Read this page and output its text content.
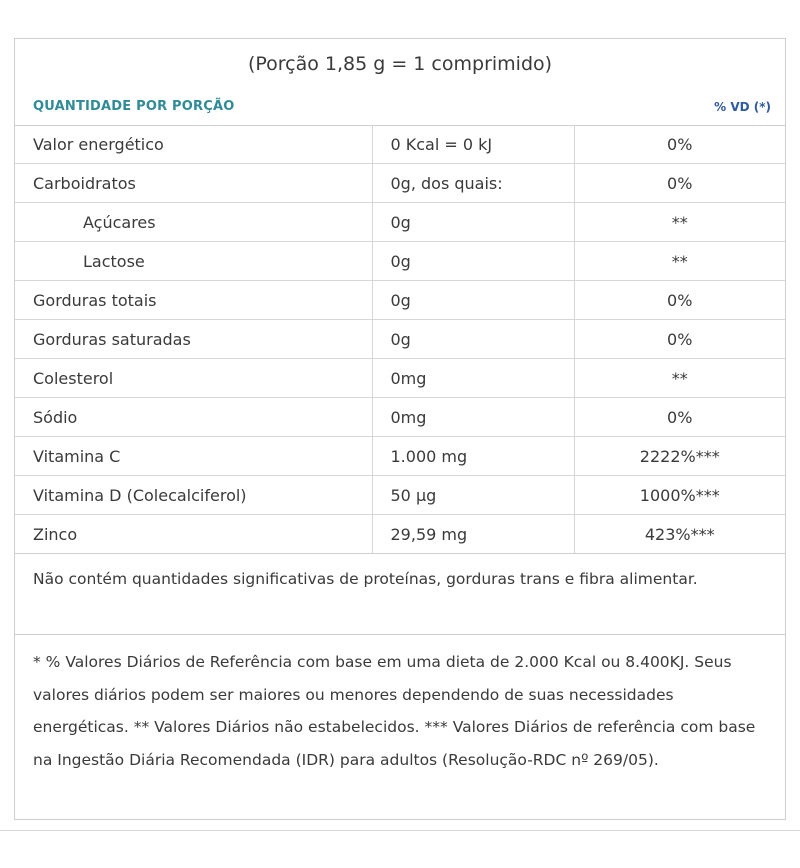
(Porção 1,85 g = 1 comprimido)
QUANTIDADE POR PORÇÃO	% VD (*)
Valor energético	0 Kcal = 0 kJ	0%
Carboidratos	0g, dos quais:	0%
Açúcares	0g	**
Lactose	0g	**
Gorduras totais	0g	0%
Gorduras saturadas	0g	0%
Colesterol	0mg	**
Sódio	0mg	0%
Vitamina C	1.000 mg	2222%***
Vitamina D (Colecalciferol)	50 µg	1000%***
Zinco	29,59 mg	423%***
Não contém quantidades significativas de proteínas, gorduras trans e fibra alimentar.
* % Valores Diários de Referência com base em uma dieta de 2.000 Kcal ou 8.400KJ. Seus valores diários podem ser maiores ou menores dependendo de suas necessidades energéticas. ** Valores Diários não estabelecidos. *** Valores Diários de referência com base na Ingestão Diária Recomendada (IDR) para adultos (Resolução-RDC nº 269/05).
